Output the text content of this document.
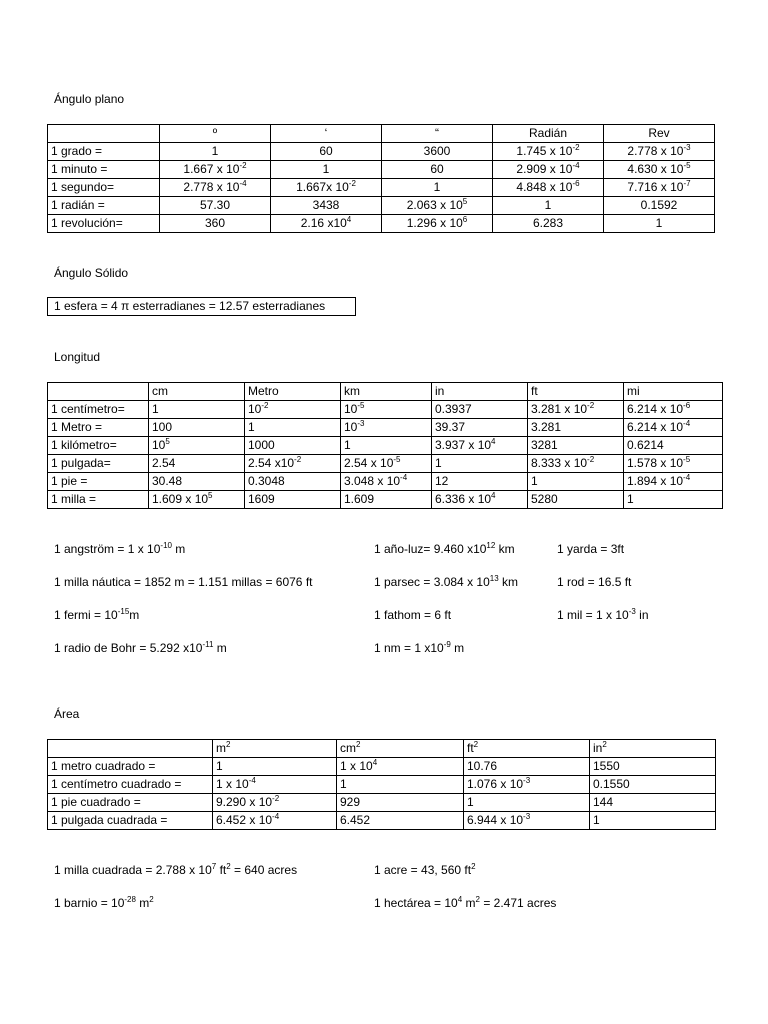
Ángulo plano
	º	‘	“	Radián	Rev
1 grado =	1	60	3600	1.745 x $10^{-2}$	2.778 x $10^{-3}$
1 minuto =	1.667 x $10^{-2}$	1	60	2.909 x $10^{-4}$	4.630 x $10^{-5}$
1 segundo=	2.778 x $10^{-4}$	1.667x $10^{-2}$	1	4.848 x $10^{-6}$	7.716 x $10^{-7}$
1 radián =	57.30	3438	2.063 x $10^5$	1	0.1592
1 revolución=	360	2.16 $x10^4$	1.296 x $10^6$	6.283	1
Ángulo Sólido
1 esfera = 4 π esterradianes = 12.57 esterradianes
Longitud
	cm	Metro	km	in	ft	mi
1 centímetro=	1	$10^{-2}$	$10^{-5}$	0.3937	3.281 x $10^{-2}$	6.214 x $10^{-6}$
1 Metro =	100	1	$10^{-3}$	39.37	3.281	6.214 x $10^{-4}$
1 kilómetro=	$10^5$	1000	1	3.937 x $10^4$	3281	0.6214
1 pulgada=	2.54	2.54 $x10^{-2}$	2.54 x $10^{-5}$	1	8.333 x $10^{-2}$	1.578 x $10^{-5}$
1 pie =	30.48	0.3048	3.048 x $10^{-4}$	12	1	1.894 x $10^{-4}$
1 milla =	1.609 x $10^5$	1609	1.609	6.336 x $10^4$	5280	1
1 angström = 1 x $10^{-10}$ m	1 año-luz= 9.460 $x10^{12}$ km	1 yarda = 3ft
1 milla náutica = 1852 m = 1.151 millas = 6076 ft	1 parsec = 3.084 x $10^{13}$ km	1 rod = 16.5 ft
1 fermi = $10^{-15}m$	1 fathom = 6 ft	1 mil = 1 x $10^{-3}$ in
1 radio de Bohr = 5.292 $x10^{-11}$ m	1 nm = 1 $x10^{-9}$ m
Área
	$m^2$	$cm^2$	$ft^2$	$in^2$
1 metro cuadrado =	1	1 x $10^4$	10.76	1550
1 centímetro cuadrado =	1 x $10^{-4}$	1	1.076 x $10^{-3}$	0.1550
1 pie cuadrado =	9.290 x $10^{-2}$	929	1	144
1 pulgada cuadrada =	6.452 x $10^{-4}$	6.452	6.944 x $10^{-3}$	1
1 milla cuadrada = 2.788 x $10^7$ $ft^2 = 640$ acres	1 acre = 43, 560 $ft^2$
1 barnio = $10^{-28}$ $m^2$	1 hectárea = $10^4$ $m^2 = 2.471$ acres
